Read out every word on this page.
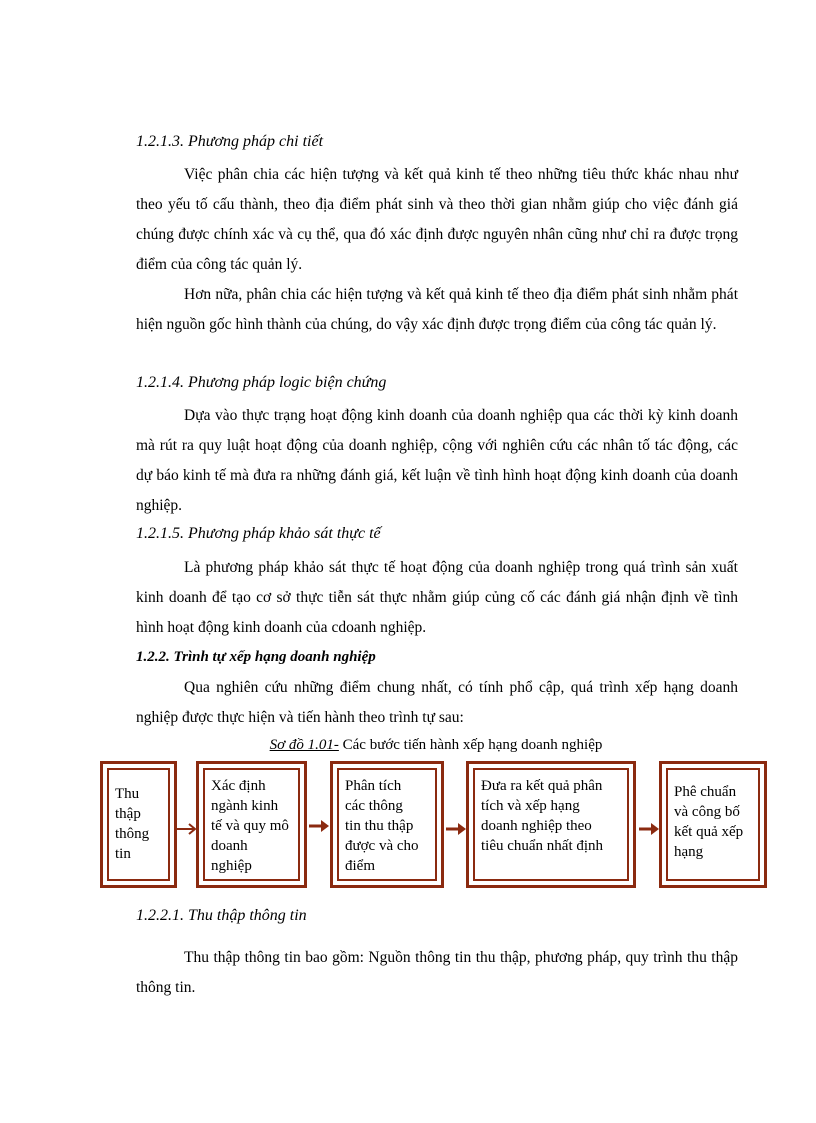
1.2.1.3. Phương pháp chi tiết

Việc phân chia các hiện tượng và kết quả kinh tế theo những tiêu thức khác nhau như theo yếu tố cấu thành, theo địa điểm phát sinh và theo thời gian nhằm giúp cho việc đánh giá chúng được chính xác và cụ thể, qua đó xác định được nguyên nhân cũng như chỉ ra được trọng điểm của công tác quản lý.

Hơn nữa, phân chia các hiện tượng và kết quả kinh tế theo địa điểm phát sinh nhằm phát hiện nguồn gốc hình thành của chúng, do vậy xác định được trọng điểm của công tác quản lý.

1.2.1.4. Phương pháp logic biện chứng

Dựa vào thực trạng hoạt động kinh doanh của doanh nghiệp qua các thời kỳ kinh doanh mà rút ra quy luật hoạt động của doanh nghiệp, cộng với nghiên cứu các nhân tố tác động, các dự báo kinh tế mà đưa ra những đánh giá, kết luận về tình hình hoạt động kinh doanh của doanh nghiệp.

1.2.1.5. Phương pháp khảo sát thực tế

Là phương pháp khảo sát thực tế hoạt động của doanh nghiệp trong quá trình sản xuất kinh doanh để tạo cơ sở thực tiễn sát thực nhằm giúp củng cố các đánh giá nhận định về tình hình hoạt động kinh doanh của cdoanh nghiệp.

1.2.2. Trình tự xếp hạng doanh nghiệp

Qua nghiên cứu những điểm chung nhất, có tính phổ cập, quá trình xếp hạng doanh nghiệp được thực hiện và tiến hành theo trình tự sau:

Sơ đồ 1.01- Các bước tiến hành xếp hạng doanh nghiệp
Thu
thập
thông
tin
Xác định
ngành kinh
tế và quy mô
doanh
nghiệp
Phân tích
các thông
tin thu thập
được và cho
điểm
Đưa ra kết quả phân
tích và xếp hạng
doanh nghiệp theo
tiêu chuẩn nhất định
Phê chuẩn
và công bố
kết quả xếp
hạng
1.2.2.1. Thu thập thông tin

Thu thập thông tin bao gồm: Nguồn thông tin thu thập, phương pháp, quy trình thu thập thông tin.
